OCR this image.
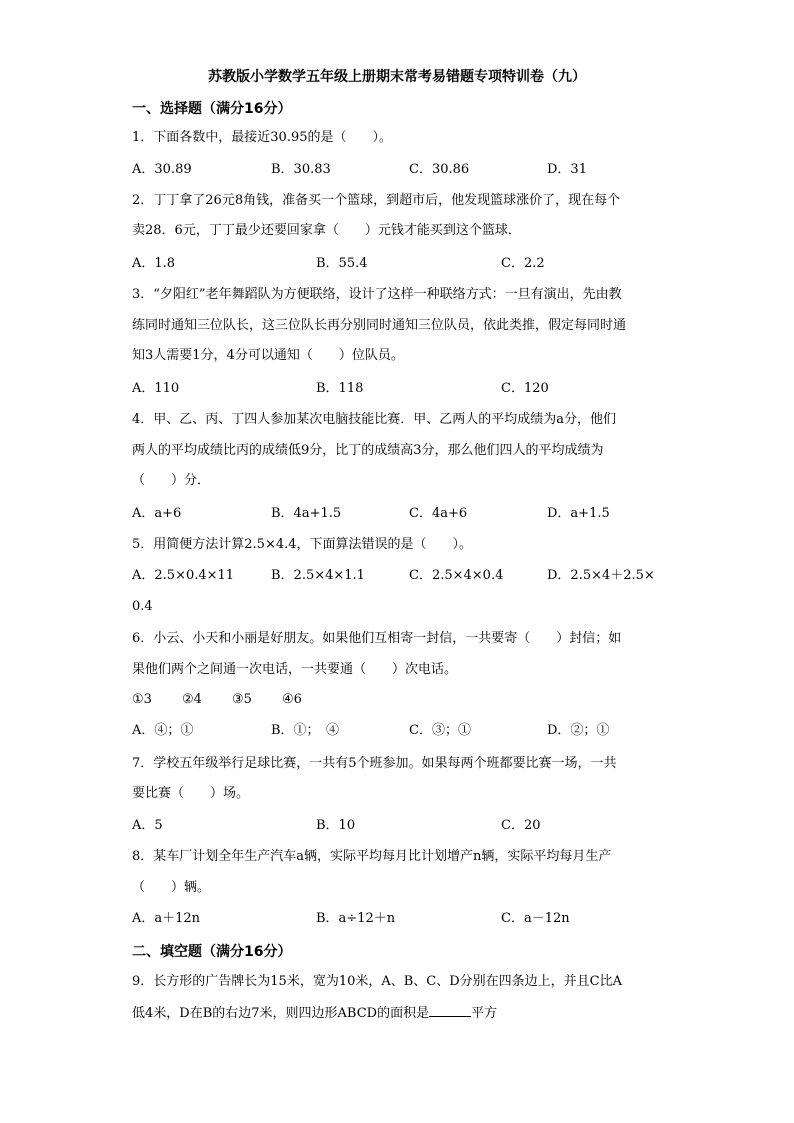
苏教版小学数学五年级上册期末常考易错题专项特训卷（九）
一、选择题（满分16分）
1．下面各数中，最接近30.95的是（　　）。
A．30.89	B．30.83	C．30.86	D．31
2．丁丁拿了26元8角钱，准备买一个篮球，到超市后，他发现篮球涨价了，现在每个
卖28．6元，丁丁最少还要回家拿（　　）元钱才能买到这个篮球．
A．1.8	B．55.4	C．2.2
3．“夕阳红”老年舞蹈队为方便联络，设计了这样一种联络方式：一旦有演出，先由教
练同时通知三位队长，这三位队长再分别同时通知三位队员，依此类推，假定每同时通
知3人需要1分，4分可以通知（　　）位队员。
A．110	B．118	C．120
4．甲、乙、丙、丁四人参加某次电脑技能比赛．甲、乙两人的平均成绩为a分，他们
两人的平均成绩比丙的成绩低9分，比丁的成绩高3分，那么他们四人的平均成绩为
（　　）分．
A．a+6	B．4a+1.5	C．4a+6	D．a+1.5
5．用简便方法计算2.5×4.4，下面算法错误的是（　　）。
A．2.5×0.4×11	B．2.5×4×1.1	C．2.5×4×0.4	D．2.5×4＋2.5×
0.4
6．小云、小天和小丽是好朋友。如果他们互相寄一封信，一共要寄（　　）封信；如
果他们两个之间通一次电话，一共要通（　　）次电话。
①3 ②4 ③5 ④6
A．④；①	B．①；　④	C．③；①	D．②；①
7．学校五年级举行足球比赛，一共有5个班参加。如果每两个班都要比赛一场，一共
要比赛（　　）场。
A．5	B．10	C．20
8．某车厂计划全年生产汽车a辆，实际平均每月比计划增产n辆，实际平均每月生产
（　　）辆。
A．a＋12n	B．a÷12＋n	C．a－12n
二、填空题（满分16分）
9．长方形的广告牌长为15米，宽为10米，A、B、C、D分别在四条边上，并且C比A
低4米，D在B的右边7米，则四边形ABCD的面积是	平方
